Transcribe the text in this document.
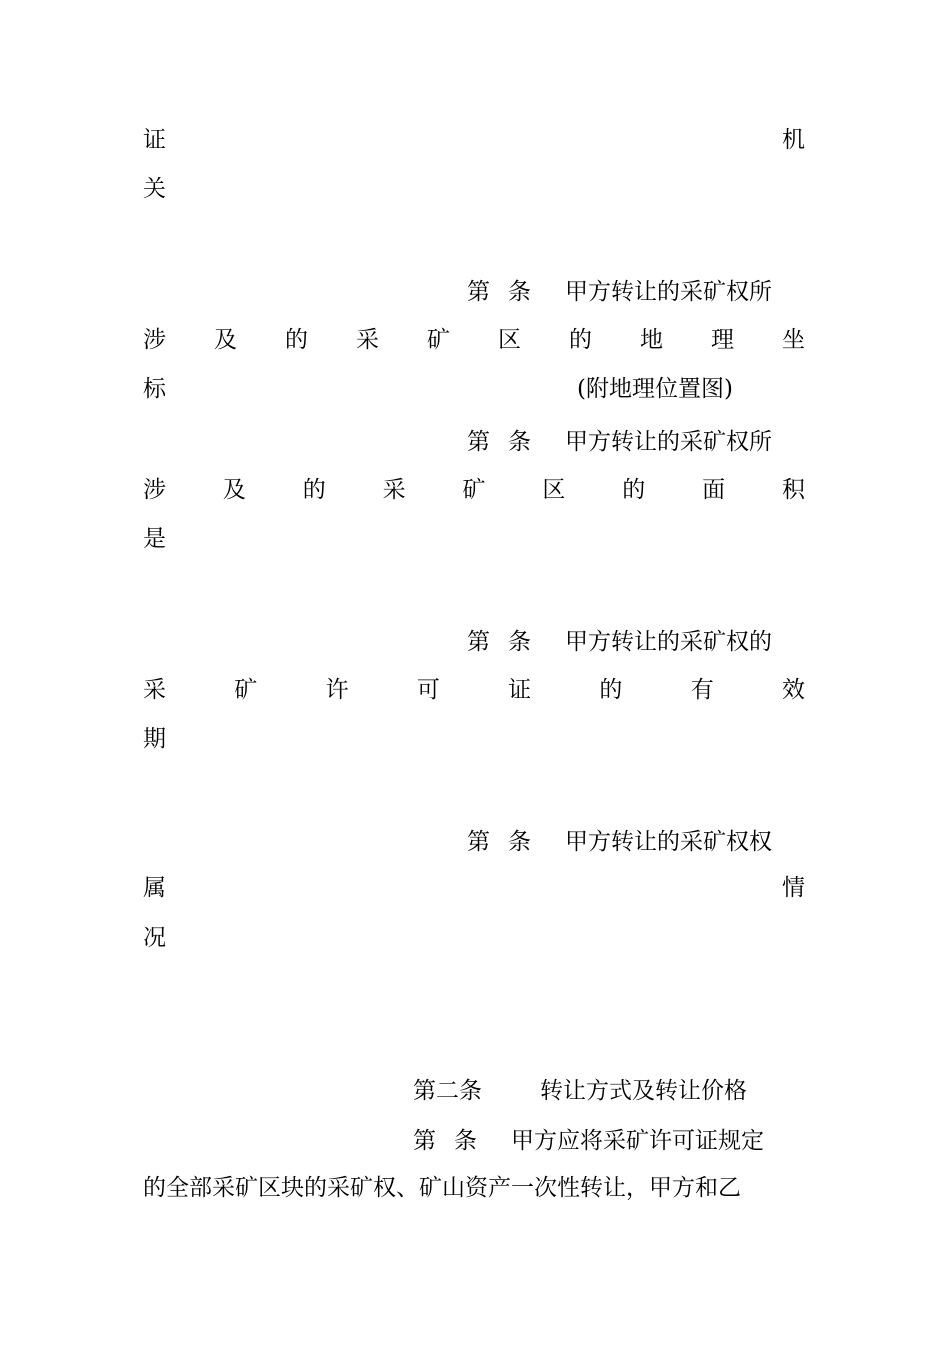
证	机
关
第 条 甲方转让的采矿权所
涉 及 的 采 矿 区 的 地 理 坐
标	(附地理位置图)
第 条 甲方转让的采矿权所
涉 及 的 采 矿 区 的 面 积
是
第 条 甲方转让的采矿权的
采	矿	许	可	证	的	有	效
期
第 条 甲方转让的采矿权权
属	情
况
第二条	转让方式及转让价格
第 条 甲方应将采矿许可证规定
的全部采矿区块的采矿权、矿山资产一次性转让，甲方和乙
